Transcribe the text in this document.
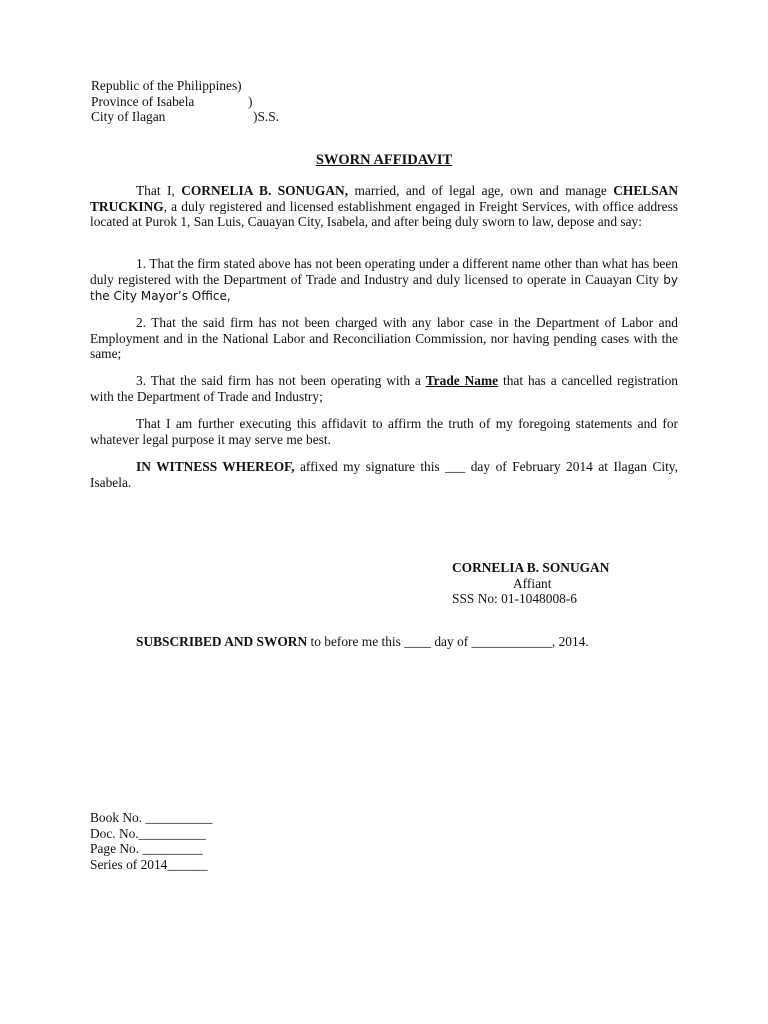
Republic of the Philippines)
Province of Isabela	)
City of Ilagan	)S.S.
SWORN AFFIDAVIT

That I, CORNELIA B. SONUGAN, married, and of legal age, own and manage CHELSAN TRUCKING, a duly registered and licensed establishment engaged in Freight Services, with office address located at Purok 1, San Luis, Cauayan City, Isabela, and after being duly sworn to law, depose and say:

1. That the firm stated above has not been operating under a different name other than what has been duly registered with the Department of Trade and Industry and duly licensed to operate in Cauayan City by the City Mayor’s Office,

2. That the said firm has not been charged with any labor case in the Department of Labor and Employment and in the National Labor and Reconciliation Commission, nor having pending cases with the same;

3. That the said firm has not been operating with a Trade Name that has a cancelled registration with the Department of Trade and Industry;

That I am further executing this affidavit to affirm the truth of my foregoing statements and for whatever legal purpose it may serve me best.

IN WITNESS WHEREOF, affixed my signature this ___ day of February 2014 at Ilagan City, Isabela.

CORNELIA B. SONUGAN
Affiant
SSS No: 01-1048008-6
SUBSCRIBED AND SWORN to before me this ____ day of ____________, 2014.
Book No. __________
Doc. No.__________
Page No. _________
Series of 2014______
